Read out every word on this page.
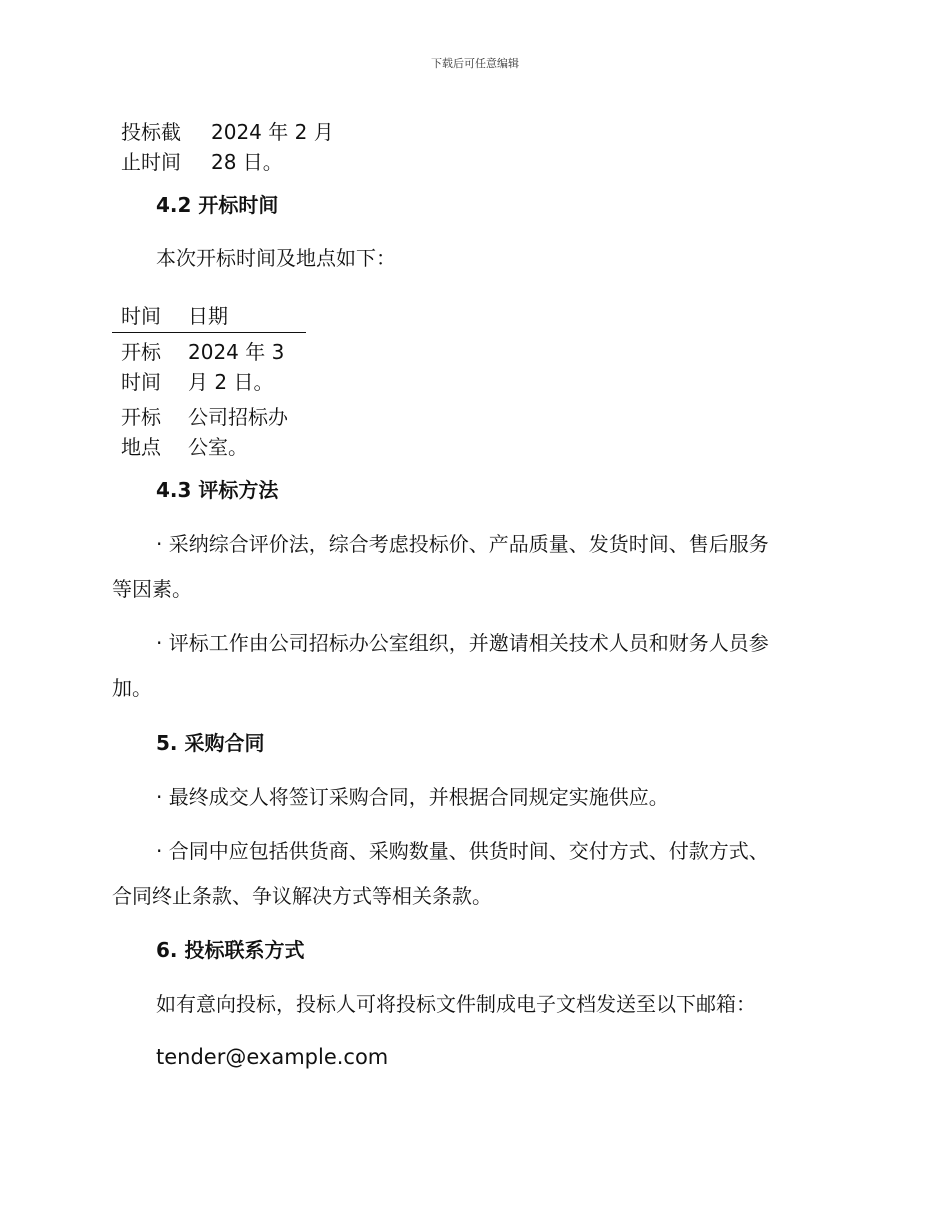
下载后可任意编辑
投标截
止时间
2024 年 2 月
28 日。
4.2 开标时间
本次开标时间及地点如下：
时间 日期
开标
时间
2024 年 3
月 2 日。
开标
地点
公司招标办
公室。
4.3 评标方法
· 采纳综合评价法，综合考虑投标价、产品质量、发货时间、售后服务
等因素。
· 评标工作由公司招标办公室组织，并邀请相关技术人员和财务人员参
加。
5. 采购合同
· 最终成交人将签订采购合同，并根据合同规定实施供应。
· 合同中应包括供货商、采购数量、供货时间、交付方式、付款方式、
合同终止条款、争议解决方式等相关条款。
6. 投标联系方式
如有意向投标，投标人可将投标文件制成电子文档发送至以下邮箱：
tender@example.com
